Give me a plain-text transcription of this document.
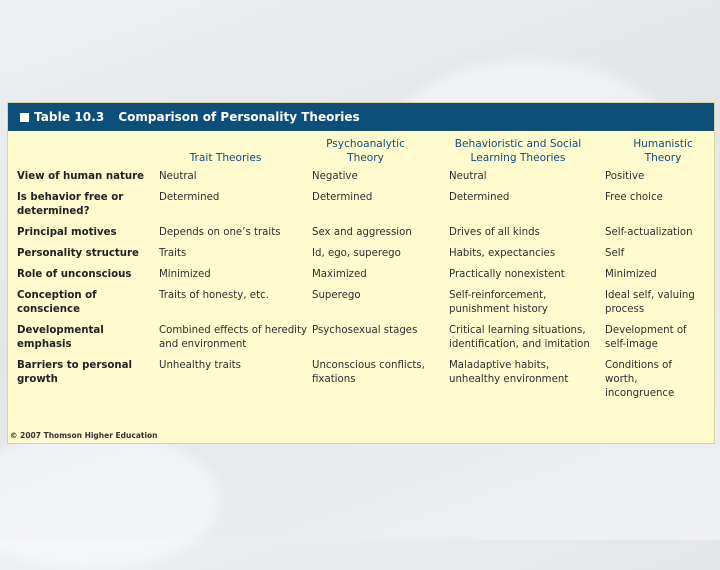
Table 10.3 Comparison of Personality Theories
	Trait Theories	Psychoanalytic Theory	Behavioristic and Social Learning Theories	Humanistic Theory
View of human nature	Neutral	Negative	Neutral	Positive
Is behavior free or determined?	Determined	Determined	Determined	Free choice
Principal motives	Depends on one’s traits	Sex and aggression	Drives of all kinds	Self-actualization
Personality structure	Traits	Id, ego, superego	Habits, expectancies	Self
Role of unconscious	Minimized	Maximized	Practically nonexistent	Minimized
Conception of conscience	Traits of honesty, etc.	Superego	Self-reinforcement, punishment history	Ideal self, valuing process
Developmental emphasis	Combined effects of heredity and environment	Psychosexual stages	Critical learning situations, identification, and imitation	Development of self-image
Barriers to personal growth	Unhealthy traits	Unconscious conflicts, fixations	Maladaptive habits, unhealthy environment	Conditions of worth, incongruence
© 2007 Thomson Higher Education
